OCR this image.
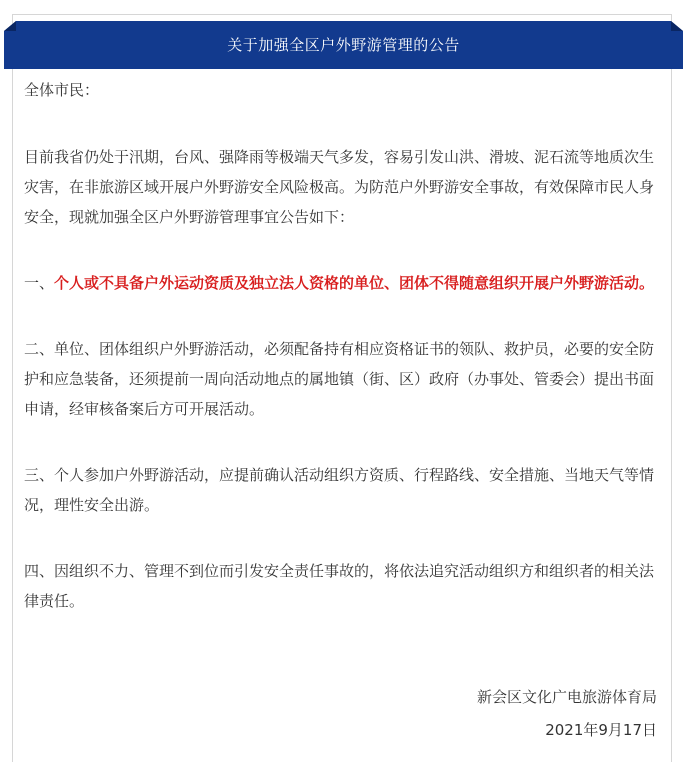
关于加强全区户外野游管理的公告

全体市民：

目前我省仍处于汛期，台风、强降雨等极端天气多发，容易引发山洪、滑坡、泥石流等地质次生灾害，在非旅游区域开展户外野游安全风险极高。为防范户外野游安全事故，有效保障市民人身安全，现就加强全区户外野游管理事宜公告如下：

一、个人或不具备户外运动资质及独立法人资格的单位、团体不得随意组织开展户外野游活动。

二、单位、团体组织户外野游活动，必须配备持有相应资格证书的领队、救护员，必要的安全防护和应急装备，还须提前一周向活动地点的属地镇（街、区）政府（办事处、管委会）提出书面申请，经审核备案后方可开展活动。

三、个人参加户外野游活动，应提前确认活动组织方资质、行程路线、安全措施、当地天气等情况，理性安全出游。

四、因组织不力、管理不到位而引发安全责任事故的，将依法追究活动组织方和组织者的相关法律责任。

新会区文化广电旅游体育局
2021年9月17日
